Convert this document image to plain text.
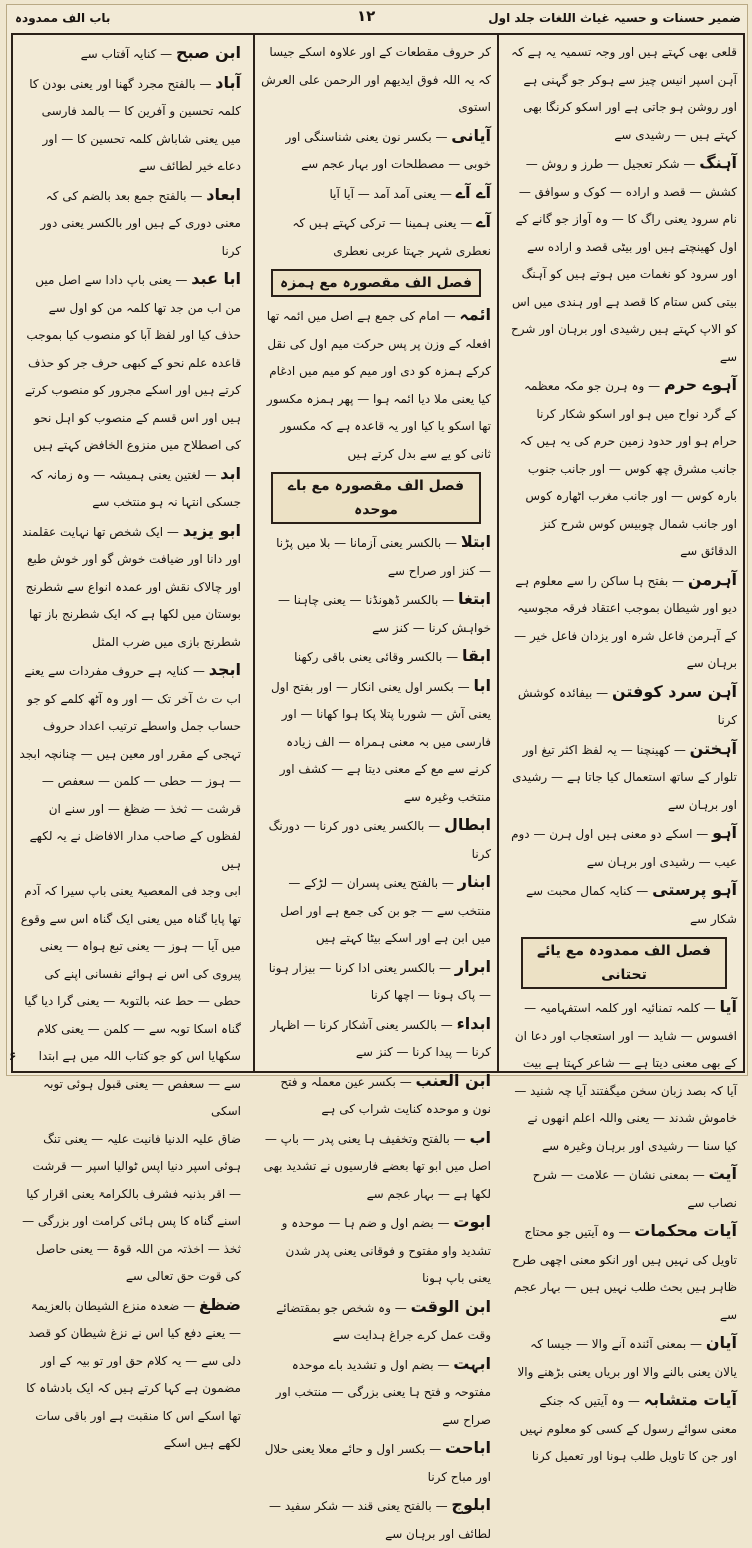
ضمیر حسنات و حسیہ غیاث اللغات جلد اول
۱۲
باب الف ممدودہ

قلعی بھی کہتے ہیں اور وجہ تسمیہ یہ ہے کہ آہن اسپر انیس چیز سے ہوکر جو گہنی ہے اور روشن ہو جاتی ہے اور اسکو کرنگا بھی کہتے ہیں — رشیدی سے

آہنگ — شکر تعجیل — طرز و روش — کشش — قصد و اراده — کوک و سوافق — نام سرود یعنی راگ کا — وہ آواز جو گانے کے اول کھینچتے ہیں اور بیٹی قصد و اراده سے اور سرود کو نغمات میں ہوتے ہیں کو آہنگ بیتی کس ستام کا قصد ہے اور ہندی میں اس کو الاپ کہتے ہیں رشیدی اور برہان اور شرح سے

آہوے حرم — وہ ہرن جو مکہ معظمہ کے گرد نواح میں ہو اور اسکو شکار کرنا حرام ہو اور حدود زمین حرم کی یہ ہیں کہ جانب مشرق چھ کوس — اور جانب جنوب بارہ کوس — اور جانب مغرب اٹھارہ کوس اور جانب شمال چوبیس کوس شرح کنز الدقائق سے

آہرمن — بفتح ہا ساکن را سے معلوم ہے دیو اور شیطان بموجب اعتقاد فرقہ مجوسیہ کے آہرمن فاعل شرہ اور یزدان فاعل خیر — برہان سے

آہن سرد کوفتن — بیفائدہ کوشش کرنا

آہختن — کھینچنا — یہ لفظ اکثر تیغ اور تلوار کے ساتھ استعمال کیا جاتا ہے — رشیدی اور برہان سے

آہو — اسکے دو معنی ہیں اول ہرن — دوم عیب — رشیدی اور برہان سے

آہو پرستی — کنایہ کمال محبت سے شکار سے

فصل الف ممدودہ مع یائے تحتانی

آیا — کلمہ تمنائیہ اور کلمہ استفہامیہ — افسوس — شاید — اور استعجاب اور دعا ان کے بھی معنی دیتا ہے — شاعر کہتا ہے بیت آیا کہ بصد زبان سخن میگفتند آیا چہ شنید — خاموش شدند — یعنی واللہ اعلم انھوں نے کیا سنا — رشیدی اور برہان وغیرہ سے

آیت — بمعنی نشان — علامت — شرح نصاب سے

آیات محکمات — وہ آیتیں جو محتاج تاویل کی نہیں ہیں اور انکو معنی اچھی طرح ظاہر ہیں بحث طلب نہیں ہیں — بہار عجم سے

آیان — بمعنی آئندہ آنے والا — جیسا کہ یالان یعنی بالنے والا اور بریاں یعنی بڑھنے والا

آیات متشابہ — وہ آیتیں کہ جنکے معنی سوائے رسول کے کسی کو معلوم نہیں اور جن کا تاویل طلب ہونا اور تعمیل کرنا

کر حروف مقطعات کے اور علاوہ اسکے جیسا کہ یہ اللہ فوق ایدیھم اور الرحمن علی العرش استوی

آیانی — بکسر نون یعنی شناسنگی اور خوبی — مصطلحات اور بہار عجم سے

آے آے — یعنی آمد آمد — آیا آیا

آے — یعنی ہمینا — ترکی کہتے ہیں کہ نعطری شہر جہتا عربی نعطری

فصل الف مقصورہ مع ہمزہ

ائمہ — امام کی جمع ہے اصل میں ائمہ تھا افعلہ کے وزن پر پس حرکت میم اول کی نقل کرکے ہمزہ کو دی اور میم کو میم میں ادغام کیا یعنی ملا دیا ائمہ ہوا — پھر ہمزہ مکسور تھا اسکو یا کیا اور یہ قاعدہ ہے کہ مکسور ثانی کو یے سے بدل کرتے ہیں

فصل الف مقصورہ مع باے موحدہ

ابتلا — بالکسر یعنی آزمانا — بلا میں پڑنا — کنز اور صراح سے

ابتغا — بالکسر ڈھونڈنا — یعنی چاہنا — خواہش کرنا — کنز سے

ابقا — بالکسر وقائی یعنی باقی رکھنا

ابا — بکسر اول یعنی انکار — اور بفتح اول یعنی آش — شوربا پتلا پکا ہوا کھانا — اور فارسی میں بہ معنی ہمراہ — الف زیادہ کرنے سے مع کے معنی دیتا ہے — کشف اور منتخب وغیرہ سے

ابطال — بالکسر یعنی دور کرنا — دورنگ کرنا

ابنار — بالفتح یعنی پسران — لڑکے — منتخب سے — جو بن کی جمع ہے اور اصل میں ابن ہے اور اسکے بیٹا کہتے ہیں

ابرار — بالکسر یعنی ادا کرنا — بیزار ہونا — پاک ہونا — اچھا کرنا

ابداء — بالکسر یعنی آشکار کرنا — اظہار کرنا — پیدا کرنا — کنز سے

ابن العنب — بکسر عین معملہ و فتح نون و موحدہ کنایت شراب کی ہے

اب — بالفتح وتخفیف ہا یعنی پدر — باپ — اصل میں ابو تھا بعضے فارسیوں نے تشدید بھی لکھا ہے — بہار عجم سے

ابوت — بضم اول و ضم ہا — موحدہ و تشدید واو مفتوح و فوقانی یعنی پدر شدن یعنی باپ ہونا

ابن الوقت — وہ شخص جو بمقتضائے وقت عمل کرے جراغ ہدایت سے

ابہت — بضم اول و تشدید باے موحدہ مفتوحہ و فتح ہا یعنی بزرگی — منتخب اور صراح سے

اباحت — بکسر اول و حائے معلا یعنی حلال اور مباح کرنا

ابلوج — بالفتح یعنی قند — شکر سفید — لطائف اور برہان سے

ابن صبح — کنایہ آفتاب سے

آباد — بالفتح مجرد گھنا اور یعنی بودن کا کلمہ تحسین و آفرین کا — بالمد فارسی میں یعنی شاباش کلمہ تحسین کا — اور دعاے خیر لطائف سے

ابعاد — بالفتح جمع بعد بالضم کی کہ معنی دوری کے ہیں اور بالکسر یعنی دور کرنا

ابا عبد — یعنی باپ دادا سے اصل میں من اب من جد تھا کلمہ من کو اول سے حذف کیا اور لفظ آبا کو منصوب کیا بموجب قاعدہ علم نحو کے کبھی حرف جر کو حذف کرتے ہیں اور اسکے مجرور کو منصوب کرتے ہیں اور اس قسم کے منصوب کو اہل نحو کی اصطلاح میں منزوع الخافض کہتے ہیں

ابد — لغتین یعنی ہمیشہ — وہ زمانہ کہ جسکی انتہا نہ ہو منتخب سے

ابو یزید — ایک شخص تھا نہایت عقلمند اور دانا اور ضیافت خوش گو اور خوش طبع اور چالاک نقش اور عمدہ انواع سے شطرنج بوستان میں لکھا ہے کہ ایک شطرنج باز تھا شطرنج بازی میں ضرب المثل

ابجد — کنایہ ہے حروف مفردات سے یعنے اب ت ث آخر تک — اور وہ آٹھ کلمے کو جو حساب جمل واسطے ترتیب اعداد حروف تہجی کے مقرر اور معین ہیں — چنانچہ ابجد — ہوز — حطی — کلمن — سعفص — قرشت — ثخذ — ضظغ — اور سنے ان لفظوں کے صاحب مدار الافاضل نے یہ لکھے ہیں

ابی وجد فی المعصیۃ یعنی باپ سیرا کہ آدم تھا پایا گناہ میں یعنی ایک گناہ اس سے وقوع میں آیا — ہوز — یعنی تبع ہواہ — یعنی پیروی کی اس نے ہوائے نفسانی اپنے کی حطی — حط عنہ بالتوبۃ — یعنی گرا دیا گیا گناہ اسکا توبہ سے — کلمن — یعنی کلام سکھایا اس کو جو کتاب اللہ میں ہے ابتدا سے — سعفص — یعنی قبول ہوئی توبہ اسکی

ضاق علیہ الدنیا فانیت علیہ — یعنی تنگ ہوئی اسپر دنیا اپس ٹوالیا اسپر — قرشت — اقر بذنبہ فشرف بالکرامۃ یعنی اقرار کیا اسنے گناہ کا پس ہائی کرامت اور بزرگی — ثخذ — اخذتہ من اللہ قوۃ — یعنی حاصل کی قوت حق تعالی سے

ضظغ — ضعدہ منزع الشیطان بالعزیمۃ — یعنے دفع کیا اس نے نزغ شیطان کو قصد دلی سے — یہ کلام حق اور تو بیہ کے اور مضمون ہے کہا کرتے ہیں کہ ایک بادشاہ کا تھا اسکے اس کا منقبت ہے اور باقی سات لکھے ہیں اسکے

۶
